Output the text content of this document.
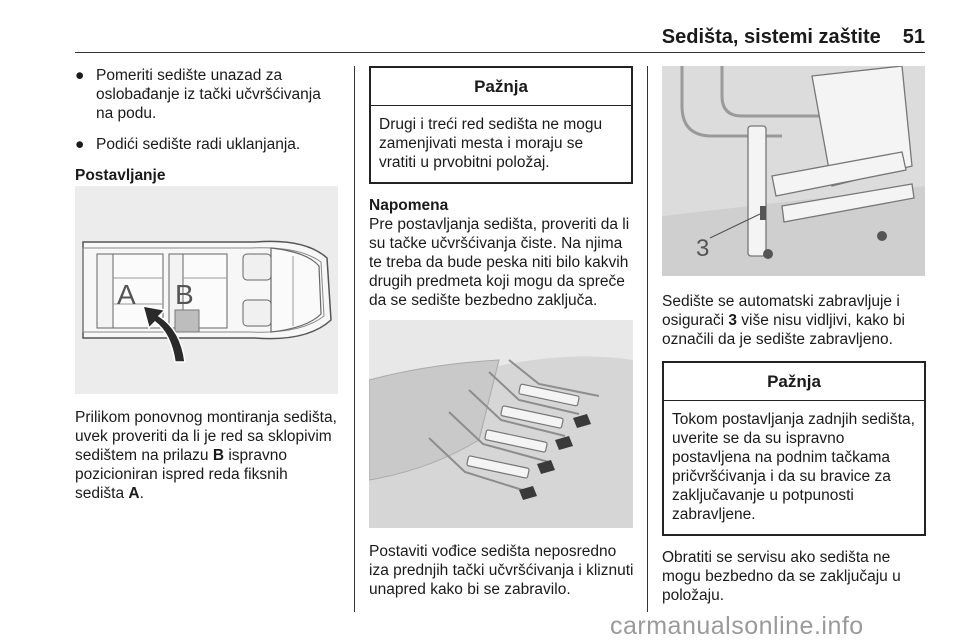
Sedišta, sistemi zaštite 51
● Pomeriti sedište unazad za oslobađanje iz tački učvršćivanja na podu.
● Podići sedište radi uklanjanja.
Postavljanje
A B

Prilikom ponovnog montiranja sedišta, uvek proveriti da li je red sa sklopivim sedištem na prilazu B ispravno pozicioniran ispred reda fiksnih sedišta A.

Pažnja
Drugi i treći red sedišta ne mogu zamenjivati mesta i moraju se vratiti u prvobitni položaj.
Napomena
Pre postavljanja sedišta, proveriti da li su tačke učvršćivanja čiste. Na njima te treba da bude peska niti bilo kakvih drugih predmeta koji mogu da spreče da se sedište bezbedno zaključa.

Postaviti vođice sedišta neposredno iza prednjih tački učvršćivanja i kliznuti unapred kako bi se zabravilo.

3

Sedište se automatski zabravljuje i osigurači 3 više nisu vidljivi, kako bi označili da je sedište zabravljeno.

Pažnja
Tokom postavljanja zadnjih sedišta, uverite se da su ispravno postavljena na podnim tačkama pričvršćivanja i da su bravice za zaključavanje u potpunosti zabravljene.

Obratiti se servisu ako sedišta ne mogu bezbedno da se zaključaju u položaju.

carmanualsonline.info
